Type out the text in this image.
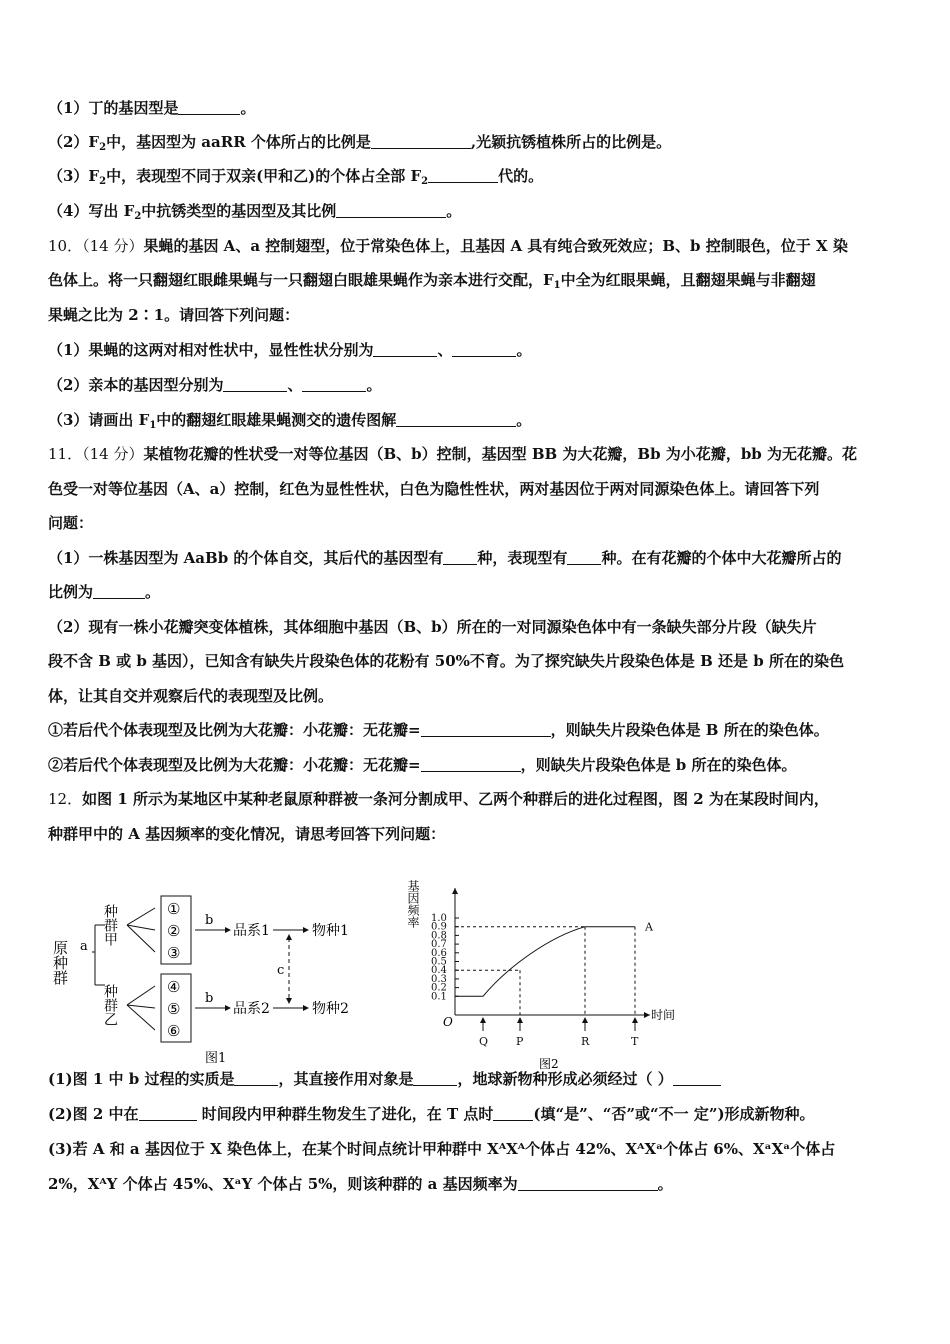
（1）丁的基因型是	。
$(2)F_2$中，基因型为 aaRR 个体所占的比例是	,光颖抗锈植株所占的比例是。
$(3)F_2$中，表现型不同于双亲(甲和乙)的个体占全部 $F_2$	代的。
（4）写出 $F_2$中抗锈类型的基因型及其比例	。
10．（14 分）果蝇的基因 A、a 控制翅型，位于常染色体上，且基因 A 具有纯合致死效应；B、b 控制眼色，位于 X 染
色体上。将一只翻翅红眼雌果蝇与一只翻翅白眼雄果蝇作为亲本进行交配，$F_1$中全为红眼果蝇，且翻翅果蝇与非翻翅
果蝇之比为 2∶1。请回答下列问题：
（1）果蝇的这两对相对性状中，显性性状分别为	、	。
（2）亲本的基因型分别为	、	。
（3）请画出 $F_1$中的翻翅红眼雄果蝇测交的遗传图解	。
11．（14 分）某植物花瓣的性状受一对等位基因（B、b）控制，基因型 BB 为大花瓣，Bb 为小花瓣，bb 为无花瓣。花
色受一对等位基因（A、a）控制，红色为显性性状，白色为隐性性状，两对基因位于两对同源染色体上。请回答下列
问题：
（1）一株基因型为 AaBb 的个体自交，其后代的基因型有 种，表现型有 种。在有花瓣的个体中大花瓣所占的
比例为	。
（2）现有一株小花瓣突变体植株，其体细胞中基因（B、b）所在的一对同源染色体中有一条缺失部分片段（缺失片
段不含 B 或 b 基因），已知含有缺失片段染色体的花粉有 50%不育。为了探究缺失片段染色体是 B 还是 b 所在的染色
体，让其自交并观察后代的表现型及比例。
①若后代个体表现型及比例为大花瓣：小花瓣：无花瓣=	，则缺失片段染色体是 B 所在的染色体。
②若后代个体表现型及比例为大花瓣：小花瓣：无花瓣=	，则缺失片段染色体是 b 所在的染色体。
12．如图 1 所示为某地区中某种老鼠原种群被一条河分割成甲、乙两个种群后的进化过程图，图 2 为在某段时间内，
种群甲中的 A 基因频率的变化情况，请思考回答下列问题：
(1)图 1 中 b 过程的实质是	，其直接作用对象是	，地球新物种形成必须经过（ ）
(2)图 2 中在	时间段内甲种群生物发生了进化，在 T 点时	(填“是”、“否”或“不一 定”)形成新物种。
(3)若 A 和 a 基因位于 X 染色体上，在某个时间点统计甲种群中 XᴬXᴬ个体占 42%、XᴬXᵃ个体占 6%、XᵃXᵃ个体占
2%，XᴬY 个体占 45%、XᵃY 个体占 5%，则该种群的 a 基因频率为	。
原种群 a
种群甲
种群乙
①
②
③
④
⑤
⑥
b
b
品系1
品系2
物种1
物种2
c
图1
1.0
0.9
0.8
0.7
0.6
0.5
0.4
0.3
0.2
0.1
A
Q	P	R	T
基因频率
时间
O
图2
